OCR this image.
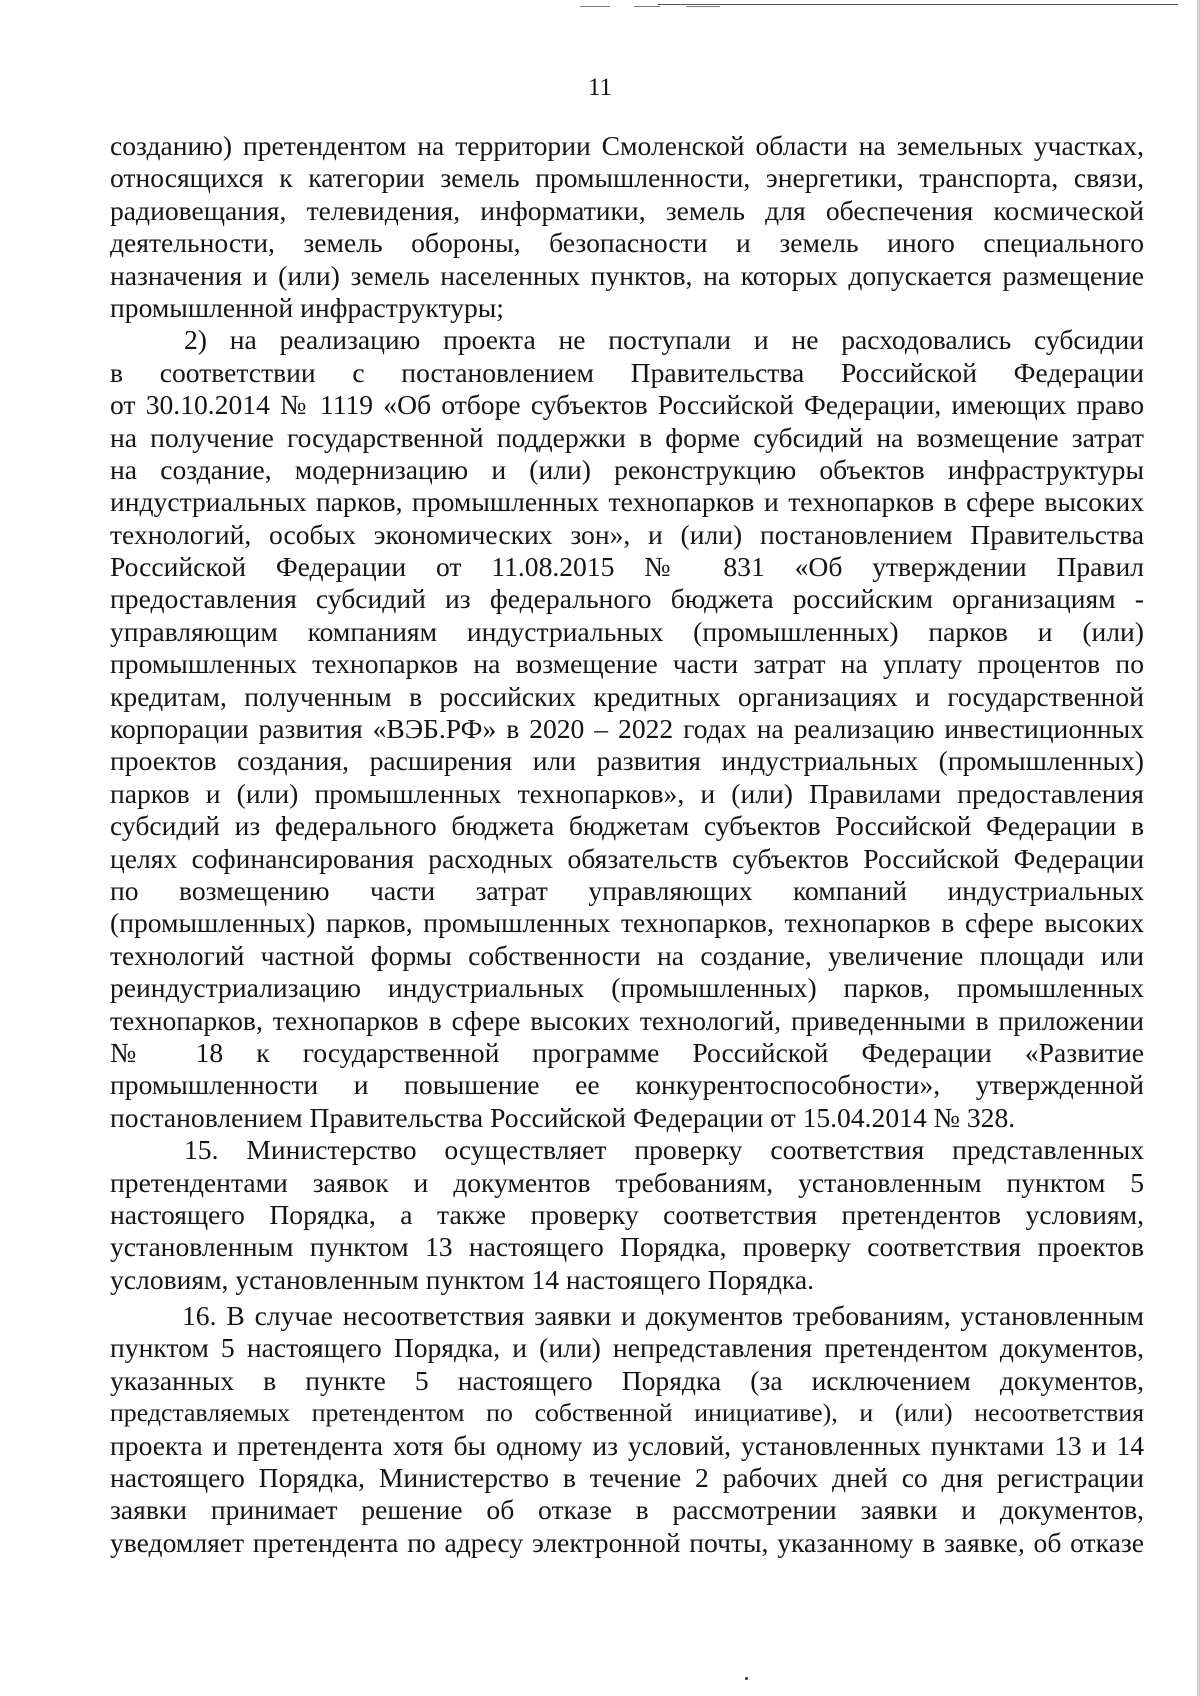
11
созданию) претендентом на территории Смоленской области на земельных участках,
относящихся к категории земель промышленности, энергетики, транспорта, связи,
радиовещания, телевидения, информатики, земель для обеспечения космической
деятельности, земель обороны, безопасности и земель иного специального
назначения и (или) земель населенных пунктов, на которых допускается размещение
промышленной инфраструктуры;
2) на реализацию проекта не поступали и не расходовались субсидии
в соответствии с постановлением Правительства Российской Федерации
от 30.10.2014 № 1119 «Об отборе субъектов Российской Федерации, имеющих право
на получение государственной поддержки в форме субсидий на возмещение затрат
на создание, модернизацию и (или) реконструкцию объектов инфраструктуры
индустриальных парков, промышленных технопарков и технопарков в сфере высоких
технологий, особых экономических зон», и (или) постановлением Правительства
Российской Федерации от 11.08.2015 № 831 «Об утверждении Правил
предоставления субсидий из федерального бюджета российским организациям -
управляющим компаниям индустриальных (промышленных) парков и (или)
промышленных технопарков на возмещение части затрат на уплату процентов по
кредитам, полученным в российских кредитных организациях и государственной
корпорации развития «ВЭБ.РФ» в 2020 – 2022 годах на реализацию инвестиционных
проектов создания, расширения или развития индустриальных (промышленных)
парков и (или) промышленных технопарков», и (или) Правилами предоставления
субсидий из федерального бюджета бюджетам субъектов Российской Федерации в
целях софинансирования расходных обязательств субъектов Российской Федерации
по возмещению части затрат управляющих компаний индустриальных
(промышленных) парков, промышленных технопарков, технопарков в сфере высоких
технологий частной формы собственности на создание, увеличение площади или
реиндустриализацию индустриальных (промышленных) парков, промышленных
технопарков, технопарков в сфере высоких технологий, приведенными в приложении
№ 18 к государственной программе Российской Федерации «Развитие
промышленности и повышение ее конкурентоспособности», утвержденной
постановлением Правительства Российской Федерации от 15.04.2014 № 328.
15. Министерство осуществляет проверку соответствия представленных
претендентами заявок и документов требованиям, установленным пунктом 5
настоящего Порядка, а также проверку соответствия претендентов условиям,
установленным пунктом 13 настоящего Порядка, проверку соответствия проектов
условиям, установленным пунктом 14 настоящего Порядка.
16. В случае несоответствия заявки и документов требованиям, установленным
пунктом 5 настоящего Порядка, и (или) непредставления претендентом документов,
указанных в пункте 5 настоящего Порядка (за исключением документов,
представляемых претендентом по собственной инициативе), и (или) несоответствия
проекта и претендента хотя бы одному из условий, установленных пунктами 13 и 14
настоящего Порядка, Министерство в течение 2 рабочих дней со дня регистрации
заявки принимает решение об отказе в рассмотрении заявки и документов,
уведомляет претендента по адресу электронной почты, указанному в заявке, об отказе
